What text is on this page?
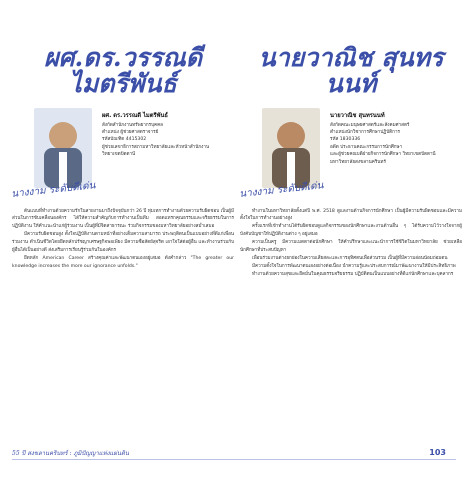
ผศ.ดร.วรรณดี ไมตรีพันธ์
นางงาม ระดับดีเด่น
ผศ. ดร.วรรณดี ไมตรีพันธ์
สังกัดสำนักงานทรัพยากรบุคคล
ตำแหน่ง ผู้ช่วยศาสตราจารย์
รหัสบัณฑิต 4415302
ผู้ช่วยเลขาธิการสภามหาวิทยาลัยและหัวหน้าสำนักงาน
วิทยาเขตปัตตานี

ต้นแบบที่ทำงานด้วยความรักในสายงานมาถึงปัจจุบันกว่า 26 ปี ทุ่มเทการทำงานด้วยความรับผิดชอบ เป็นผู้มีส่วนในการขับเคลื่อนองค์กร ได้ให้ความสำคัญกับการทำงานเป็นทีม สอดแทรกคุณธรรมและจริยธรรมในการปฏิบัติงาน ให้คำแนะนำแก่ผู้ร่วมงาน เป็นผู้ที่มีจิตสาธารณะ ร่วมกิจกรรมของมหาวิทยาลัยอย่างสม่ำเสมอ

มีความรับผิดชอบสูง ตั้งใจปฏิบัติงานตามหน้าที่อย่างเต็มความสามารถ ประพฤติตนเป็นแบบอย่างที่ดีแก่เพื่อนร่วมงาน ดำเนินชีวิตโดยยึดหลักปรัชญาเศรษฐกิจพอเพียง มีความซื่อสัตย์สุจริต เอาใจใส่ต่อผู้อื่น และทำงานร่วมกับผู้อื่นได้เป็นอย่างดี ส่งเสริมการเรียนรู้ร่วมกันในองค์กร

ยึดหลัก American Career สร้างคุณค่าและพัฒนาตนเองอยู่เสมอ ดังคำกล่าว "The greater our knowledge increases the more our ignorance unfolds."

นายวาณิช สุนทรนนท์
นางงาม ระดับดีเด่น
นายวาณิช สุนทรนนท์
สังกัดคณะมนุษยศาสตร์และสังคมศาสตร์
ตำแหน่งนักวิชาการศึกษาปฏิบัติการ
รหัส 1830336
อดีต ประธานคณะกรรมการนักศึกษา
และผู้ช่วยคณบดีฝ่ายกิจการนักศึกษา วิทยาเขตปัตตานี
มหาวิทยาลัยสงขลานครินทร์

ทำงานในมหาวิทยาลัยตั้งแต่ปี พ.ศ. 2518 ดูแลงานด้านกิจการนักศึกษา เป็นผู้มีความรับผิดชอบและมีความตั้งใจในการทำงานอย่างสูง

ครั้งแรกที่เข้าทำงานได้รับผิดชอบดูแลกิจกรรมของนักศึกษาและงานด้านอื่น ๆ ได้รับความไว้วางใจจากผู้บังคับบัญชาให้ปฏิบัติงานต่าง ๆ อยู่เสมอ

ความเป็นครู มีความเมตตาต่อนักศึกษา ให้คำปรึกษาและแนะนำการใช้ชีวิตในมหาวิทยาลัย ช่วยเหลือนักศึกษาที่ประสบปัญหา

เพื่อนร่วมงานต่างยกย่องในความเสียสละและการอุทิศตนเพื่อส่วนรวม เป็นผู้ที่มีความอ่อนน้อมถ่อมตน

มีความตั้งใจในการพัฒนาตนเองอย่างต่อเนื่อง นำความรู้และประสบการณ์มาพัฒนางานให้มีประสิทธิภาพ

ทำงานด้วยความสุขและยึดมั่นในคุณธรรมจริยธรรม ปฏิบัติตนเป็นแบบอย่างที่ดีแก่นักศึกษาและบุคลากร

55 ปี สงขลานครินทร์ : ภูมิปัญญาแห่งแผ่นดิน	103
